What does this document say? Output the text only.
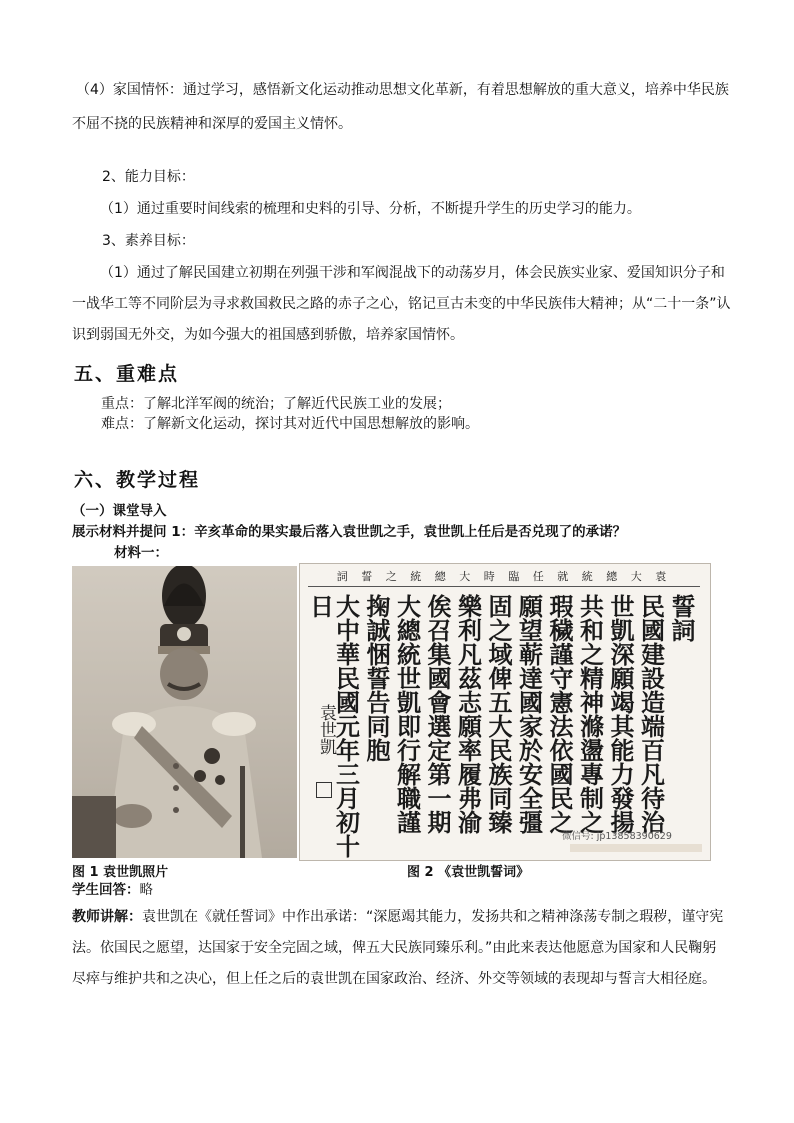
（4）家国情怀：通过学习，感悟新文化运动推动思想文化革新，有着思想解放的重大意义，培养中华民族
不屈不挠的民族精神和深厚的爱国主义情怀。
2、能力目标：
（1）通过重要时间线索的梳理和史料的引导、分析，不断提升学生的历史学习的能力。
3、素养目标：
（1）通过了解民国建立初期在列强干涉和军阀混战下的动荡岁月，体会民族实业家、爱国知识分子和
一战华工等不同阶层为寻求救国救民之路的赤子之心，铭记亘古未变的中华民族伟大精神；从“二十一条”认
识到弱国无外交，为如今强大的祖国感到骄傲，培养家国情怀。
五、重难点
重点：了解北洋军阀的统治；了解近代民族工业的发展；
难点：了解新文化运动，探讨其对近代中国思想解放的影响。
六、教学过程
（一）课堂导入
展示材料并提问 1：辛亥革命的果实最后落入袁世凯之手，袁世凯上任后是否兑现了的承诺？
材料一：
詞 誓 之 統 總 大 時 臨 任 就 統 總 大 袁
誓詞
民國建設造端百凡待治
世凱深願竭其能力發揚
共和之精神滌盪專制之
瑕穢謹守憲法依國民之
願望蕲達國家於安全彊
固之域俾五大民族同臻
樂利凡茲志願率履弗渝
俟召集國會選定第一期
大總統世凱即行解職謹
掬誠悃誓告同胞
大中華民國元年三月初十日
袁世凱
微信号: jp13858390629
图 1 袁世凯照片	图 2 《袁世凯誓词》
学生回答：略
教师讲解：袁世凯在《就任誓词》中作出承诺：“深愿竭其能力，发扬共和之精神涤荡专制之瑕秽，谨守宪
法。依国民之愿望，达国家于安全完固之域，俾五大民族同臻乐利。”由此来表达他愿意为国家和人民鞠躬
尽瘁与维护共和之决心，但上任之后的袁世凯在国家政治、经济、外交等领域的表现却与誓言大相径庭。
